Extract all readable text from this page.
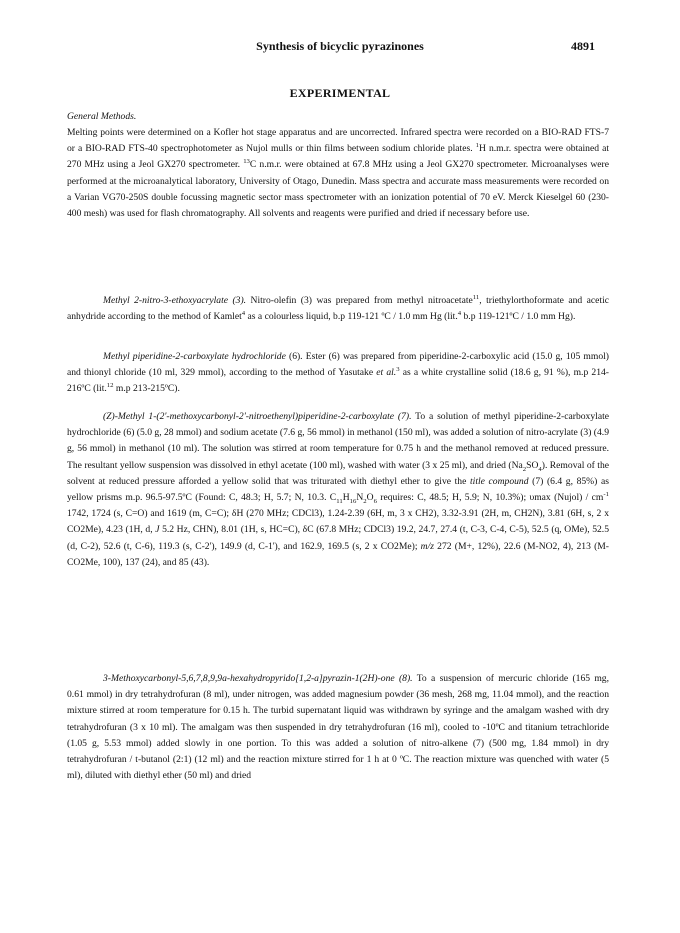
Synthesis of bicyclic pyrazinones	4891
EXPERIMENTAL
General Methods.
Melting points were determined on a Kofler hot stage apparatus and are uncorrected. Infrared spectra were recorded on a BIO-RAD FTS-7 or a BIO-RAD FTS-40 spectrophotometer as Nujol mulls or thin films between sodium chloride plates. $^1$H n.m.r. spectra were obtained at 270 MHz using a Jeol GX270 spectrometer. $^{13}$C n.m.r. were obtained at 67.8 MHz using a Jeol GX270 spectrometer. Microanalyses were performed at the microanalytical laboratory, University of Otago, Dunedin. Mass spectra and accurate mass measurements were recorded on a Varian VG70-250S double focussing magnetic sector mass spectrometer with an ionization potential of 70 eV. Merck Kieselgel 60 (230-400 mesh) was used for flash chromatography. All solvents and reagents were purified and dried if necessary before use.
Methyl 2-nitro-3-ethoxyacrylate (3). Nitro-olefin (3) was prepared from methyl nitroacetate$^{11}$, triethylorthoformate and acetic anhydride according to the method of Kamlet$^4$ as a colourless liquid, b.p 119-121 ºC / 1.0 mm Hg (lit.$^4$ b.p 119-121ºC / 1.0 mm Hg).
Methyl piperidine-2-carboxylate hydrochloride (6). Ester (6) was prepared from piperidine-2-carboxylic acid (15.0 g, 105 mmol) and thionyl chloride (10 ml, 329 mmol), according to the method of Yasutake et al.$^3$ as a white crystalline solid (18.6 g, 91 %), m.p 214-216ºC (lit.$^{12}$ m.p 213-215ºC).
(Z)-Methyl 1-(2'-methoxycarbonyl-2'-nitroethenyl)piperidine-2-carboxylate (7). To a solution of methyl piperidine-2-carboxylate hydrochloride (6) (5.0 g, 28 mmol) and sodium acetate (7.6 g, 56 mmol) in methanol (150 ml), was added a solution of nitro-acrylate (3) (4.9 g, 56 mmol) in methanol (10 ml). The solution was stirred at room temperature for 0.75 h and the methanol removed at reduced pressure. The resultant yellow suspension was dissolved in ethyl acetate (100 ml), washed with water (3 x 25 ml), and dried $(Na_2SO_4)$. Removal of the solvent at reduced pressure afforded a yellow solid that was triturated with diethyl ether to give the title compound (7) (6.4 g, 85%) as yellow prisms m.p. 96.5-97.5ºC (Found: C, 48.3; H, 5.7; N, 10.3. $C_{11}H_{16}N_2O_6$ requires: C, 48.5; H, 5.9; N, 10.3%); υmax (Nujol) / $cm^{-1}$ 1742, 1724 (s, C=O) and 1619 (m, C=C); δH (270 MHz; CDCl3), 1.24-2.39 (6H, m, 3 x CH2), 3.32-3.91 (2H, m, CH2N), 3.81 (6H, s, 2 x CO2Me), 4.23 (1H, d, J 5.2 Hz, CHN), 8.01 (1H, s, HC=C), δC (67.8 MHz; CDCl3) 19.2, 24.7, 27.4 (t, C-3, C-4, C-5), 52.5 (q, OMe), 52.5 (d, C-2), 52.6 (t, C-6), 119.3 (s, C-2'), 149.9 (d, C-1'), and 162.9, 169.5 (s, 2 x CO2Me); m/z 272 (M+, 12%), 22.6 (M-NO2, 4), 213 (M-CO2Me, 100), 137 (24), and 85 (43).
3-Methoxycarbonyl-5,6,7,8,9,9a-hexahydropyrido[1,2-a]pyrazin-1(2H)-one (8). To a suspension of mercuric chloride (165 mg, 0.61 mmol) in dry tetrahydrofuran (8 ml), under nitrogen, was added magnesium powder (36 mesh, 268 mg, 11.04 mmol), and the reaction mixture stirred at room temperature for 0.15 h. The turbid supernatant liquid was withdrawn by syringe and the amalgam washed with dry tetrahydrofuran (3 x 10 ml). The amalgam was then suspended in dry tetrahydrofuran (16 ml), cooled to -10ºC and titanium tetrachloride (1.05 g, 5.53 mmol) added slowly in one portion. To this was added a solution of nitro-alkene (7) (500 mg, 1.84 mmol) in dry tetrahydrofuran / t-butanol (2:1) (12 ml) and the reaction mixture stirred for 1 h at 0 ºC. The reaction mixture was quenched with water (5 ml), diluted with diethyl ether (50 ml) and dried
